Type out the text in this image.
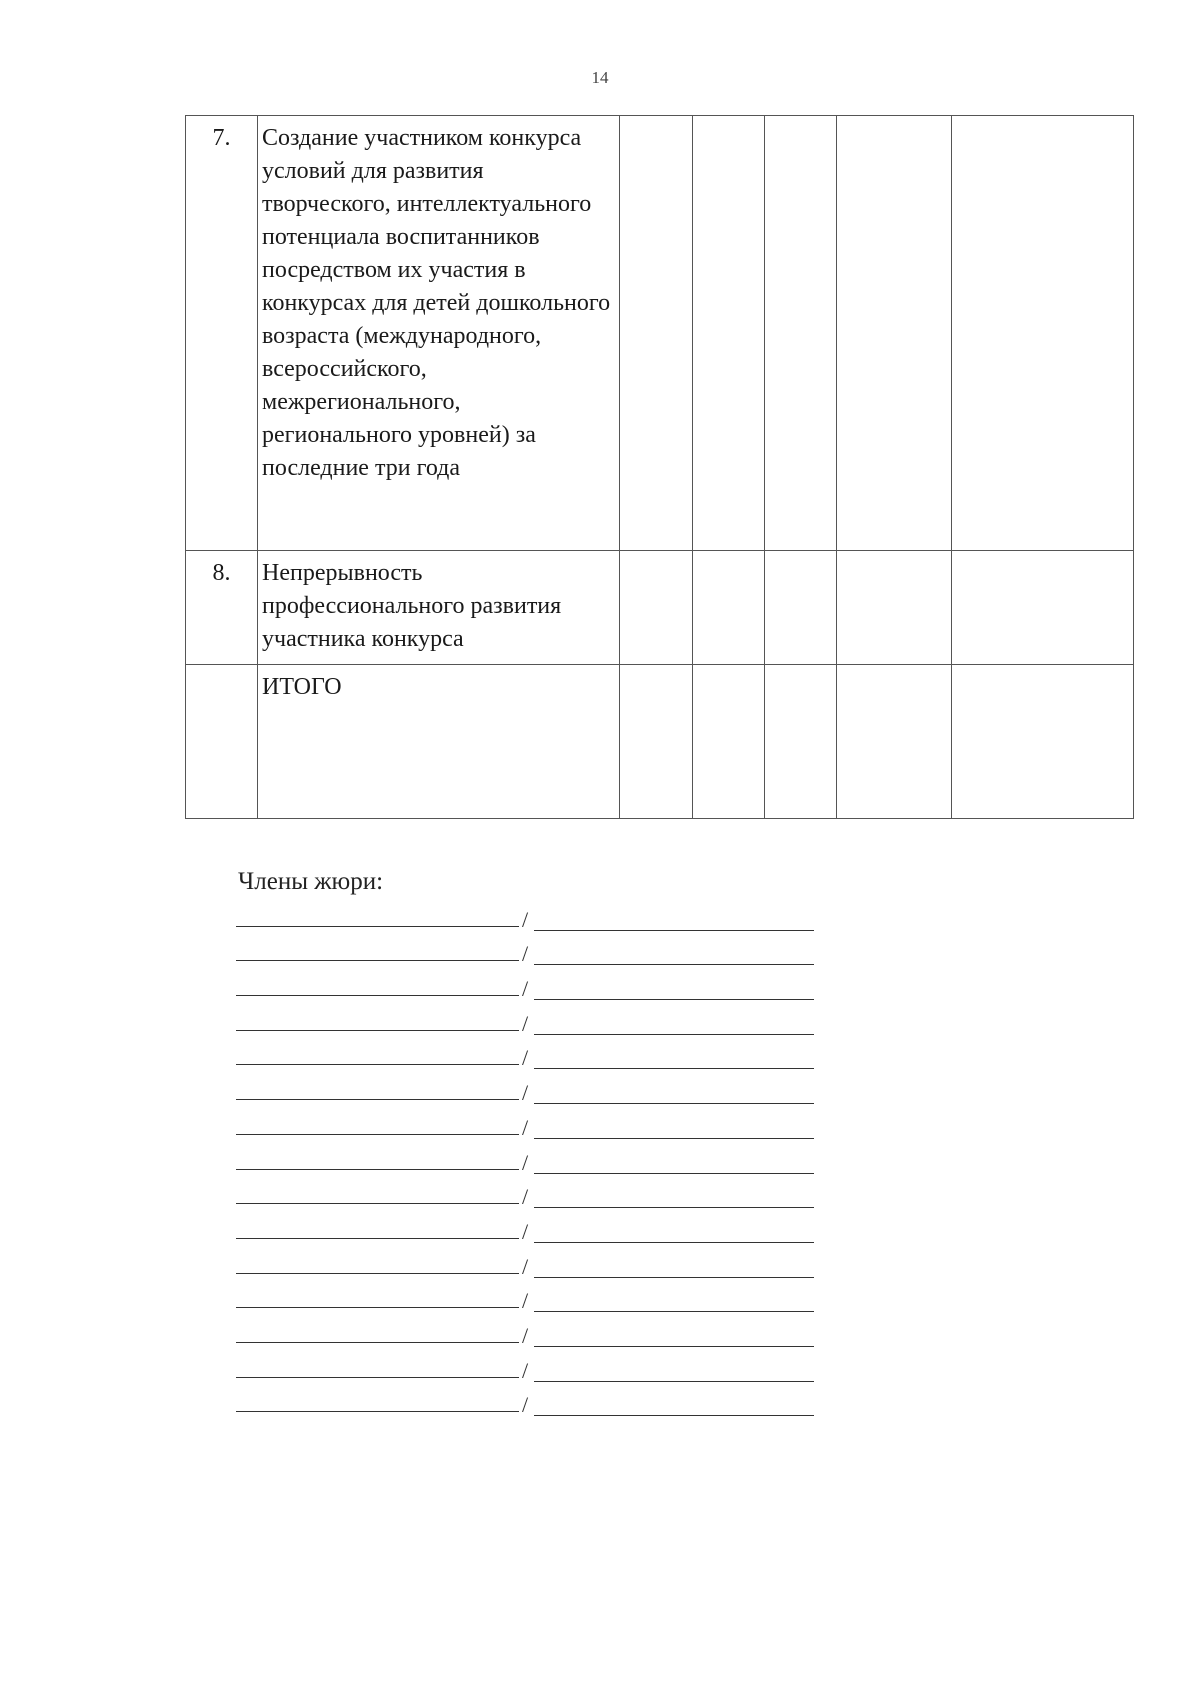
14
7.	Создание участником конкурса условий для развития творческого, интеллектуального потенциала воспитанников посредством их участия в конкурсах для детей дошкольного возраста (международного, всероссийского, межрегионального, регионального уровней) за последние три года					
8.	Непрерывность профессионального развития участника конкурса					
	ИТОГО					
Члены жюри:
/
/
/
/
/
/
/
/
/
/
/
/
/
/
/
